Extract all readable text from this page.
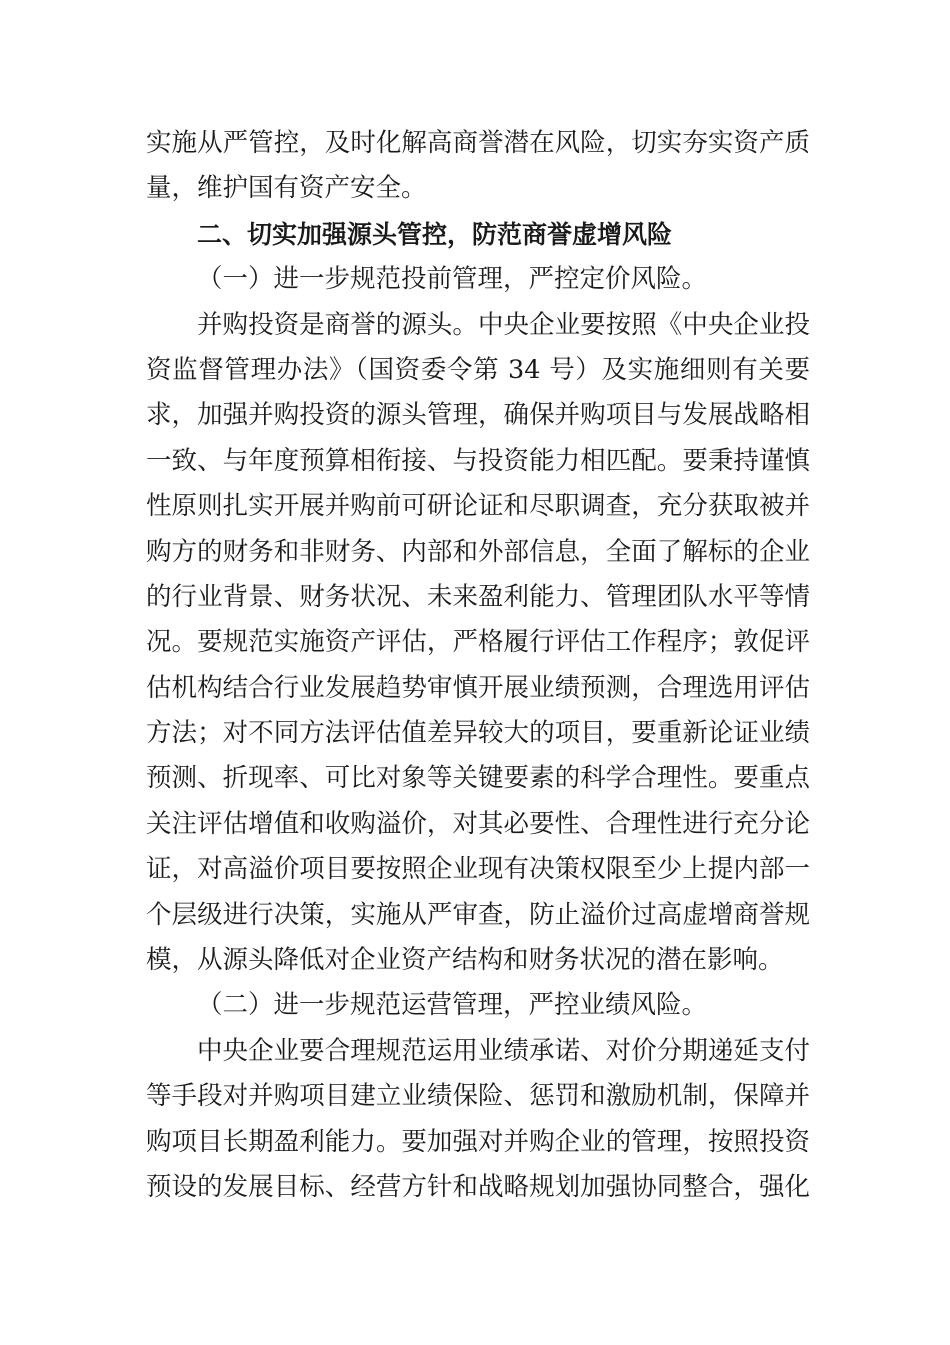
实施从严管控，及时化解高商誉潜在风险，切实夯实资产质
量，维护国有资产安全。
二、切实加强源头管控，防范商誉虚增风险
（一）进一步规范投前管理，严控定价风险。
并购投资是商誉的源头。中央企业要按照《中央企业投
资监督管理办法》（国资委令第 34 号）及实施细则有关要
求，加强并购投资的源头管理，确保并购项目与发展战略相
一致、与年度预算相衔接、与投资能力相匹配。要秉持谨慎
性原则扎实开展并购前可研论证和尽职调查，充分获取被并
购方的财务和非财务、内部和外部信息，全面了解标的企业
的行业背景、财务状况、未来盈利能力、管理团队水平等情
况。要规范实施资产评估，严格履行评估工作程序；敦促评
估机构结合行业发展趋势审慎开展业绩预测，合理选用评估
方法；对不同方法评估值差异较大的项目，要重新论证业绩
预测、折现率、可比对象等关键要素的科学合理性。要重点
关注评估增值和收购溢价，对其必要性、合理性进行充分论
证，对高溢价项目要按照企业现有决策权限至少上提内部一
个层级进行决策，实施从严审查，防止溢价过高虚增商誉规
模，从源头降低对企业资产结构和财务状况的潜在影响。
（二）进一步规范运营管理，严控业绩风险。
中央企业要合理规范运用业绩承诺、对价分期递延支付
等手段对并购项目建立业绩保险、惩罚和激励机制，保障并
购项目长期盈利能力。要加强对并购企业的管理，按照投资
预设的发展目标、经营方针和战略规划加强协同整合，强化
